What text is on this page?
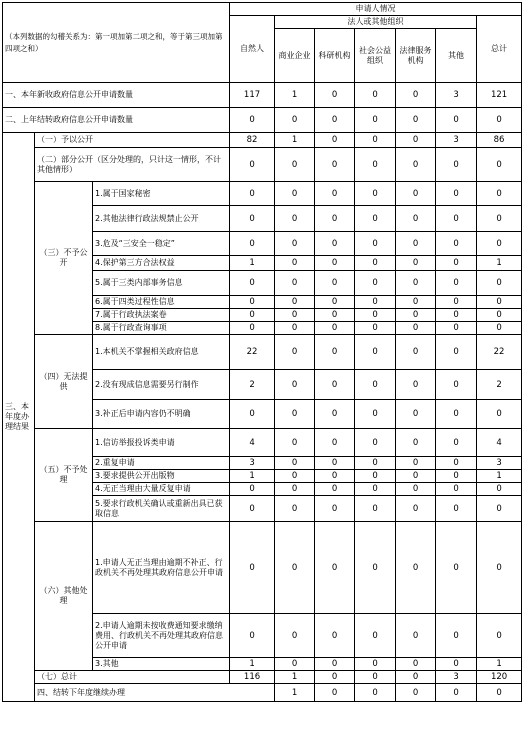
（本列数据的勾稽关系为：第一项加第二项之和，等于第三项加第四项之和）			申请人情况							
			自然人	法人或其他组织					总计	
				商业企业	科研机构	社会公益组织	法律服务机构	其他		
一、本年新收政府信息公开申请数量			117	1	0	0	0	3	121	
二、上年结转政府信息公开申请数量			0	0	0	0	0	0	0	
三、本年度办理结果	（一）予以公开		82	1	0	0	0	3	86	
	（二）部分公开（区分处理的，只计这一情形，不计其他情形）		0	0	0	0	0	0	0	
	（三）不予公开	1.属于国家秘密	0	0	0	0	0	0	0	
		2.其他法律行政法规禁止公开	0	0	0	0	0	0	0	
		3.危及“三安全一稳定”	0	0	0	0	0	0	0	
		4.保护第三方合法权益	1	0	0	0	0	0	1	
		5.属于三类内部事务信息	0	0	0	0	0	0	0	
		6.属于四类过程性信息	0	0	0	0	0	0	0	
		7.属于行政执法案卷	0	0	0	0	0	0	0	
		8.属于行政查询事项	0	0	0	0	0	0	0	
	（四）无法提供	1.本机关不掌握相关政府信息	22	0	0	0	0	0	22	
		2.没有现成信息需要另行制作	2	0	0	0	0	0	2	
		3.补正后申请内容仍不明确	0	0	0	0	0	0	0	
	（五）不予处理	1.信访举报投诉类申请	4	0	0	0	0	0	4	
		2.重复申请	3	0	0	0	0	0	3	
		3.要求提供公开出版物	1	0	0	0	0	0	1	
		4.无正当理由大量反复申请	0	0	0	0	0	0	0	
		5.要求行政机关确认或重新出具已获取信息	0	0	0	0	0	0	0	
	（六）其他处理	1.申请人无正当理由逾期不补正、行政机关不再处理其政府信息公开申请	0	0	0	0	0	0	0	
		2.申请人逾期未按收费通知要求缴纳费用、行政机关不再处理其政府信息公开申请	0	0	0	0	0	0	0	
		3.其他	1	0	0	0	0	0	1	
	（七）总计		116	1	0	0	0	3	120	
	四、结转下年度继续办理			1	0	0	0	0	0	
